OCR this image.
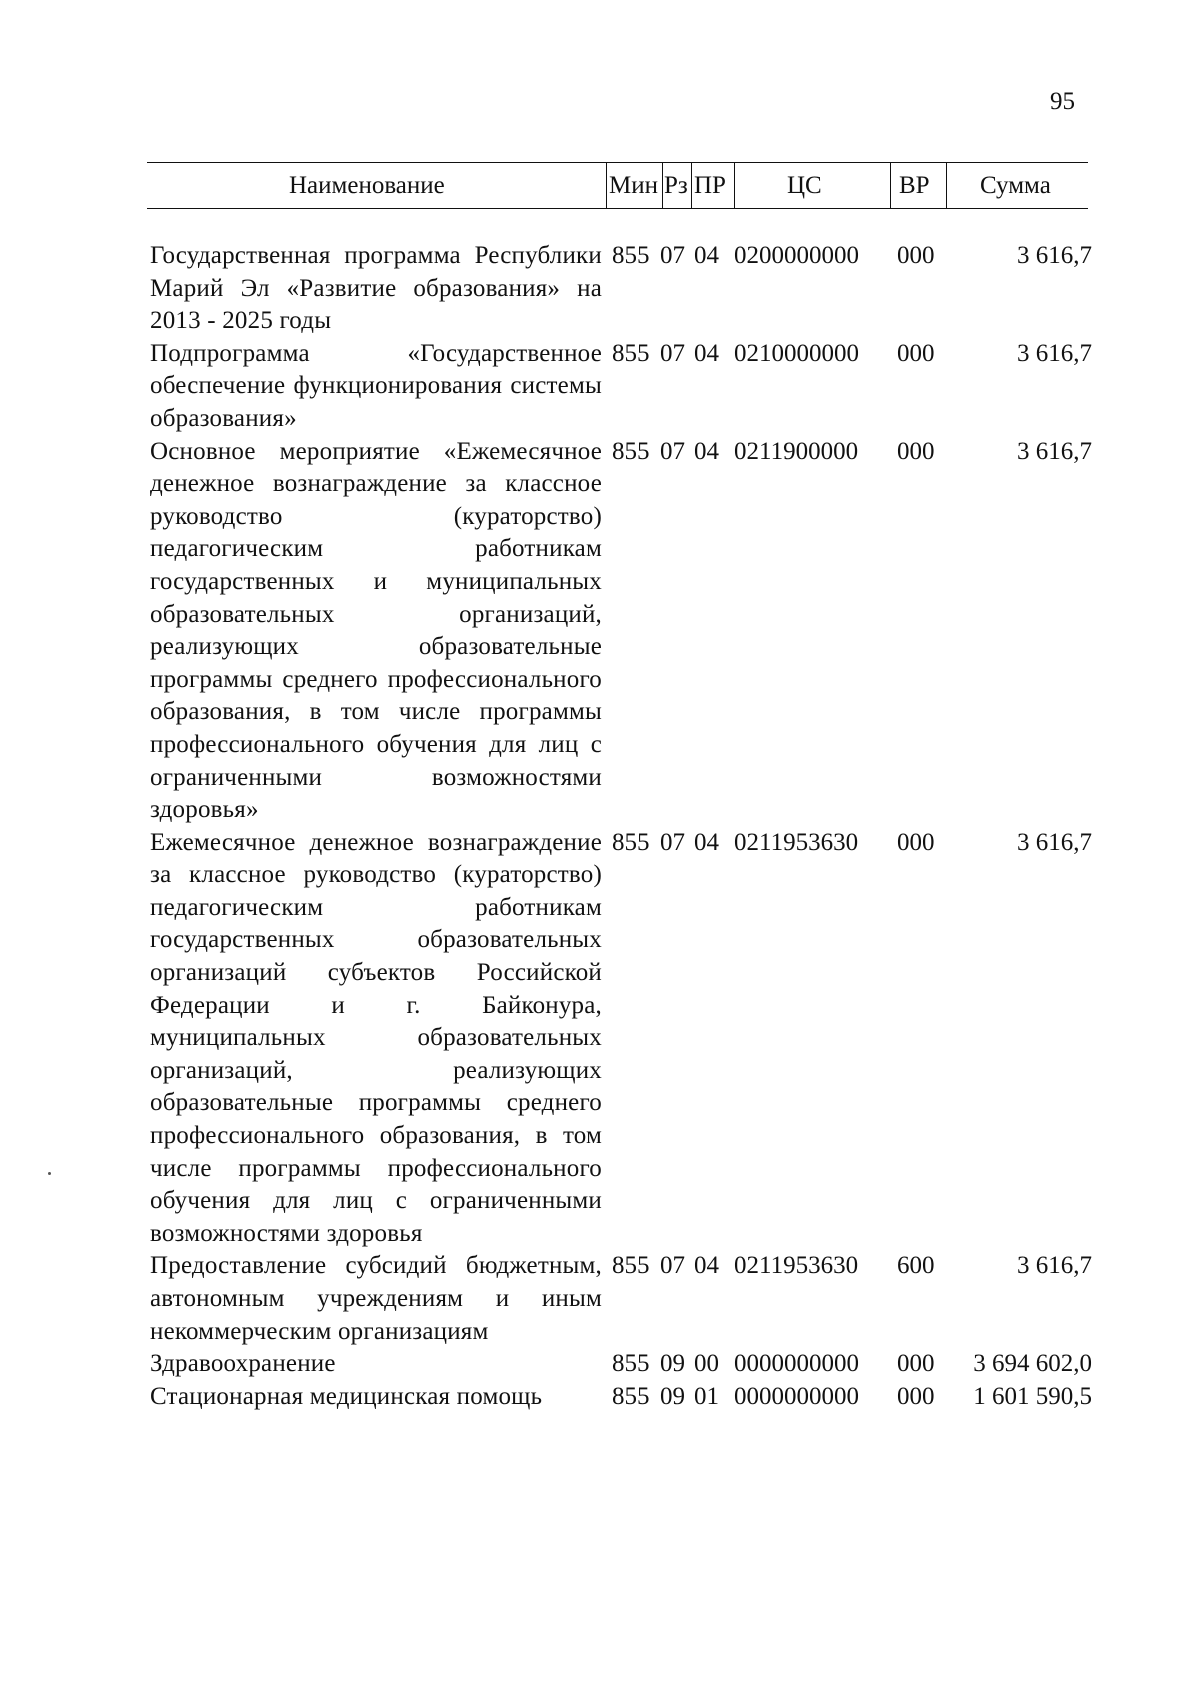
95
Наименование	Мин Рз ПР ЦС	ВР Сумма
Государственная программа Республики Марий Эл «Развитие образования» на 2013 - 2025 годы
855 07 04 0200000000	000	3 616,7
Подпрограмма «Государственное обеспечение функционирования системы образования»
855 07 04 0210000000	000	3 616,7
Основное мероприятие «Ежемесячное денежное вознаграждение за классное руководство (кураторство) педагогическим работникам государственных и муниципальных образовательных организаций, реализующих образовательные программы среднего профессионального образования, в том числе программы профессионального обучения для лиц с ограниченными возможностями здоровья»
855 07 04 0211900000	000	3 616,7
Ежемесячное денежное вознаграждение за классное руководство (кураторство) педагогическим работникам государственных образовательных организаций субъектов Российской Федерации и г. Байконура, муниципальных образовательных организаций, реализующих образовательные программы среднего профессионального образования, в том числе программы профессионального обучения для лиц с ограниченными возможностями здоровья
855 07 04 0211953630	000	3 616,7
Предоставление субсидий бюджетным, автономным учреждениям и иным некоммерческим организациям
855 07 04 0211953630	600	3 616,7
Здравоохранение	855 09 00 0000000000	000	3 694 602,0
Стационарная медицинская помощь	855 09 01 0000000000	000	1 601 590,5
